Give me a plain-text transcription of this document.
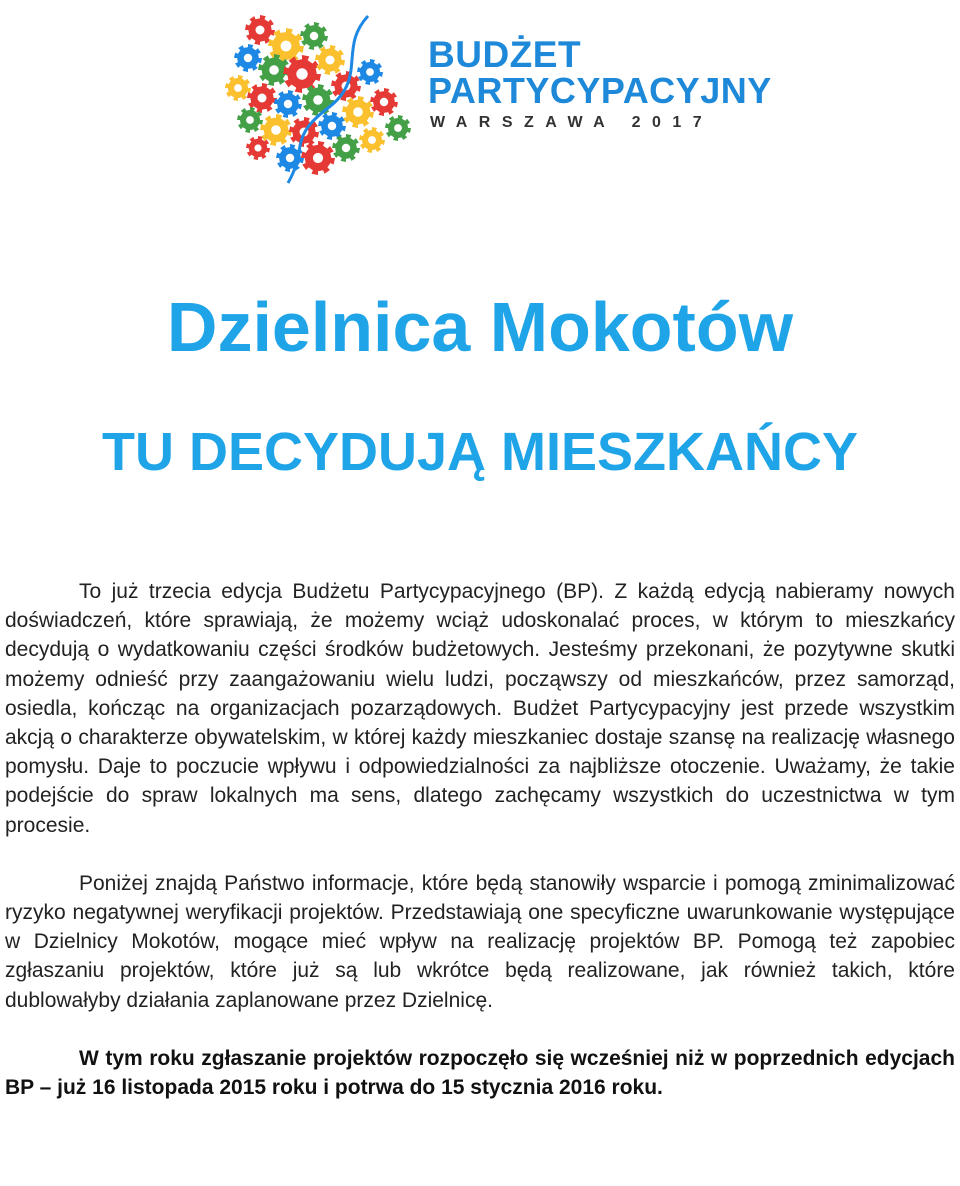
BUDŻET
PARTYCYPACYJNY
WARSZAWA 2017
Dzielnica Mokotów
TU DECYDUJĄ MIESZKAŃCY

To już trzecia edycja Budżetu Partycypacyjnego (BP). Z każdą edycją nabieramy nowych doświadczeń, które sprawiają, że możemy wciąż udoskonalać proces, w którym to mieszkańcy decydują o wydatkowaniu części środków budżetowych. Jesteśmy przekonani, że pozytywne skutki możemy odnieść przy zaangażowaniu wielu ludzi, począwszy od mieszkańców, przez samorząd, osiedla, kończąc na organizacjach pozarządowych. Budżet Partycypacyjny jest przede wszystkim akcją o charakterze obywatelskim, w której każdy mieszkaniec dostaje szansę na realizację własnego pomysłu. Daje to poczucie wpływu i odpowiedzialności za najbliższe otoczenie. Uważamy, że takie podejście do spraw lokalnych ma sens, dlatego zachęcamy wszystkich do uczestnictwa w tym procesie.

Poniżej znajdą Państwo informacje, które będą stanowiły wsparcie i pomogą zminimalizować ryzyko negatywnej weryfikacji projektów. Przedstawiają one specyficzne uwarunkowanie występujące w Dzielnicy Mokotów, mogące mieć wpływ na realizację projektów BP. Pomogą też zapobiec zgłaszaniu projektów, które już są lub wkrótce będą realizowane, jak również takich, które dublowałyby działania zaplanowane przez Dzielnicę.

W tym roku zgłaszanie projektów rozpoczęło się wcześniej niż w poprzednich edycjach BP – już 16 listopada 2015 roku i potrwa do 15 stycznia 2016 roku.
